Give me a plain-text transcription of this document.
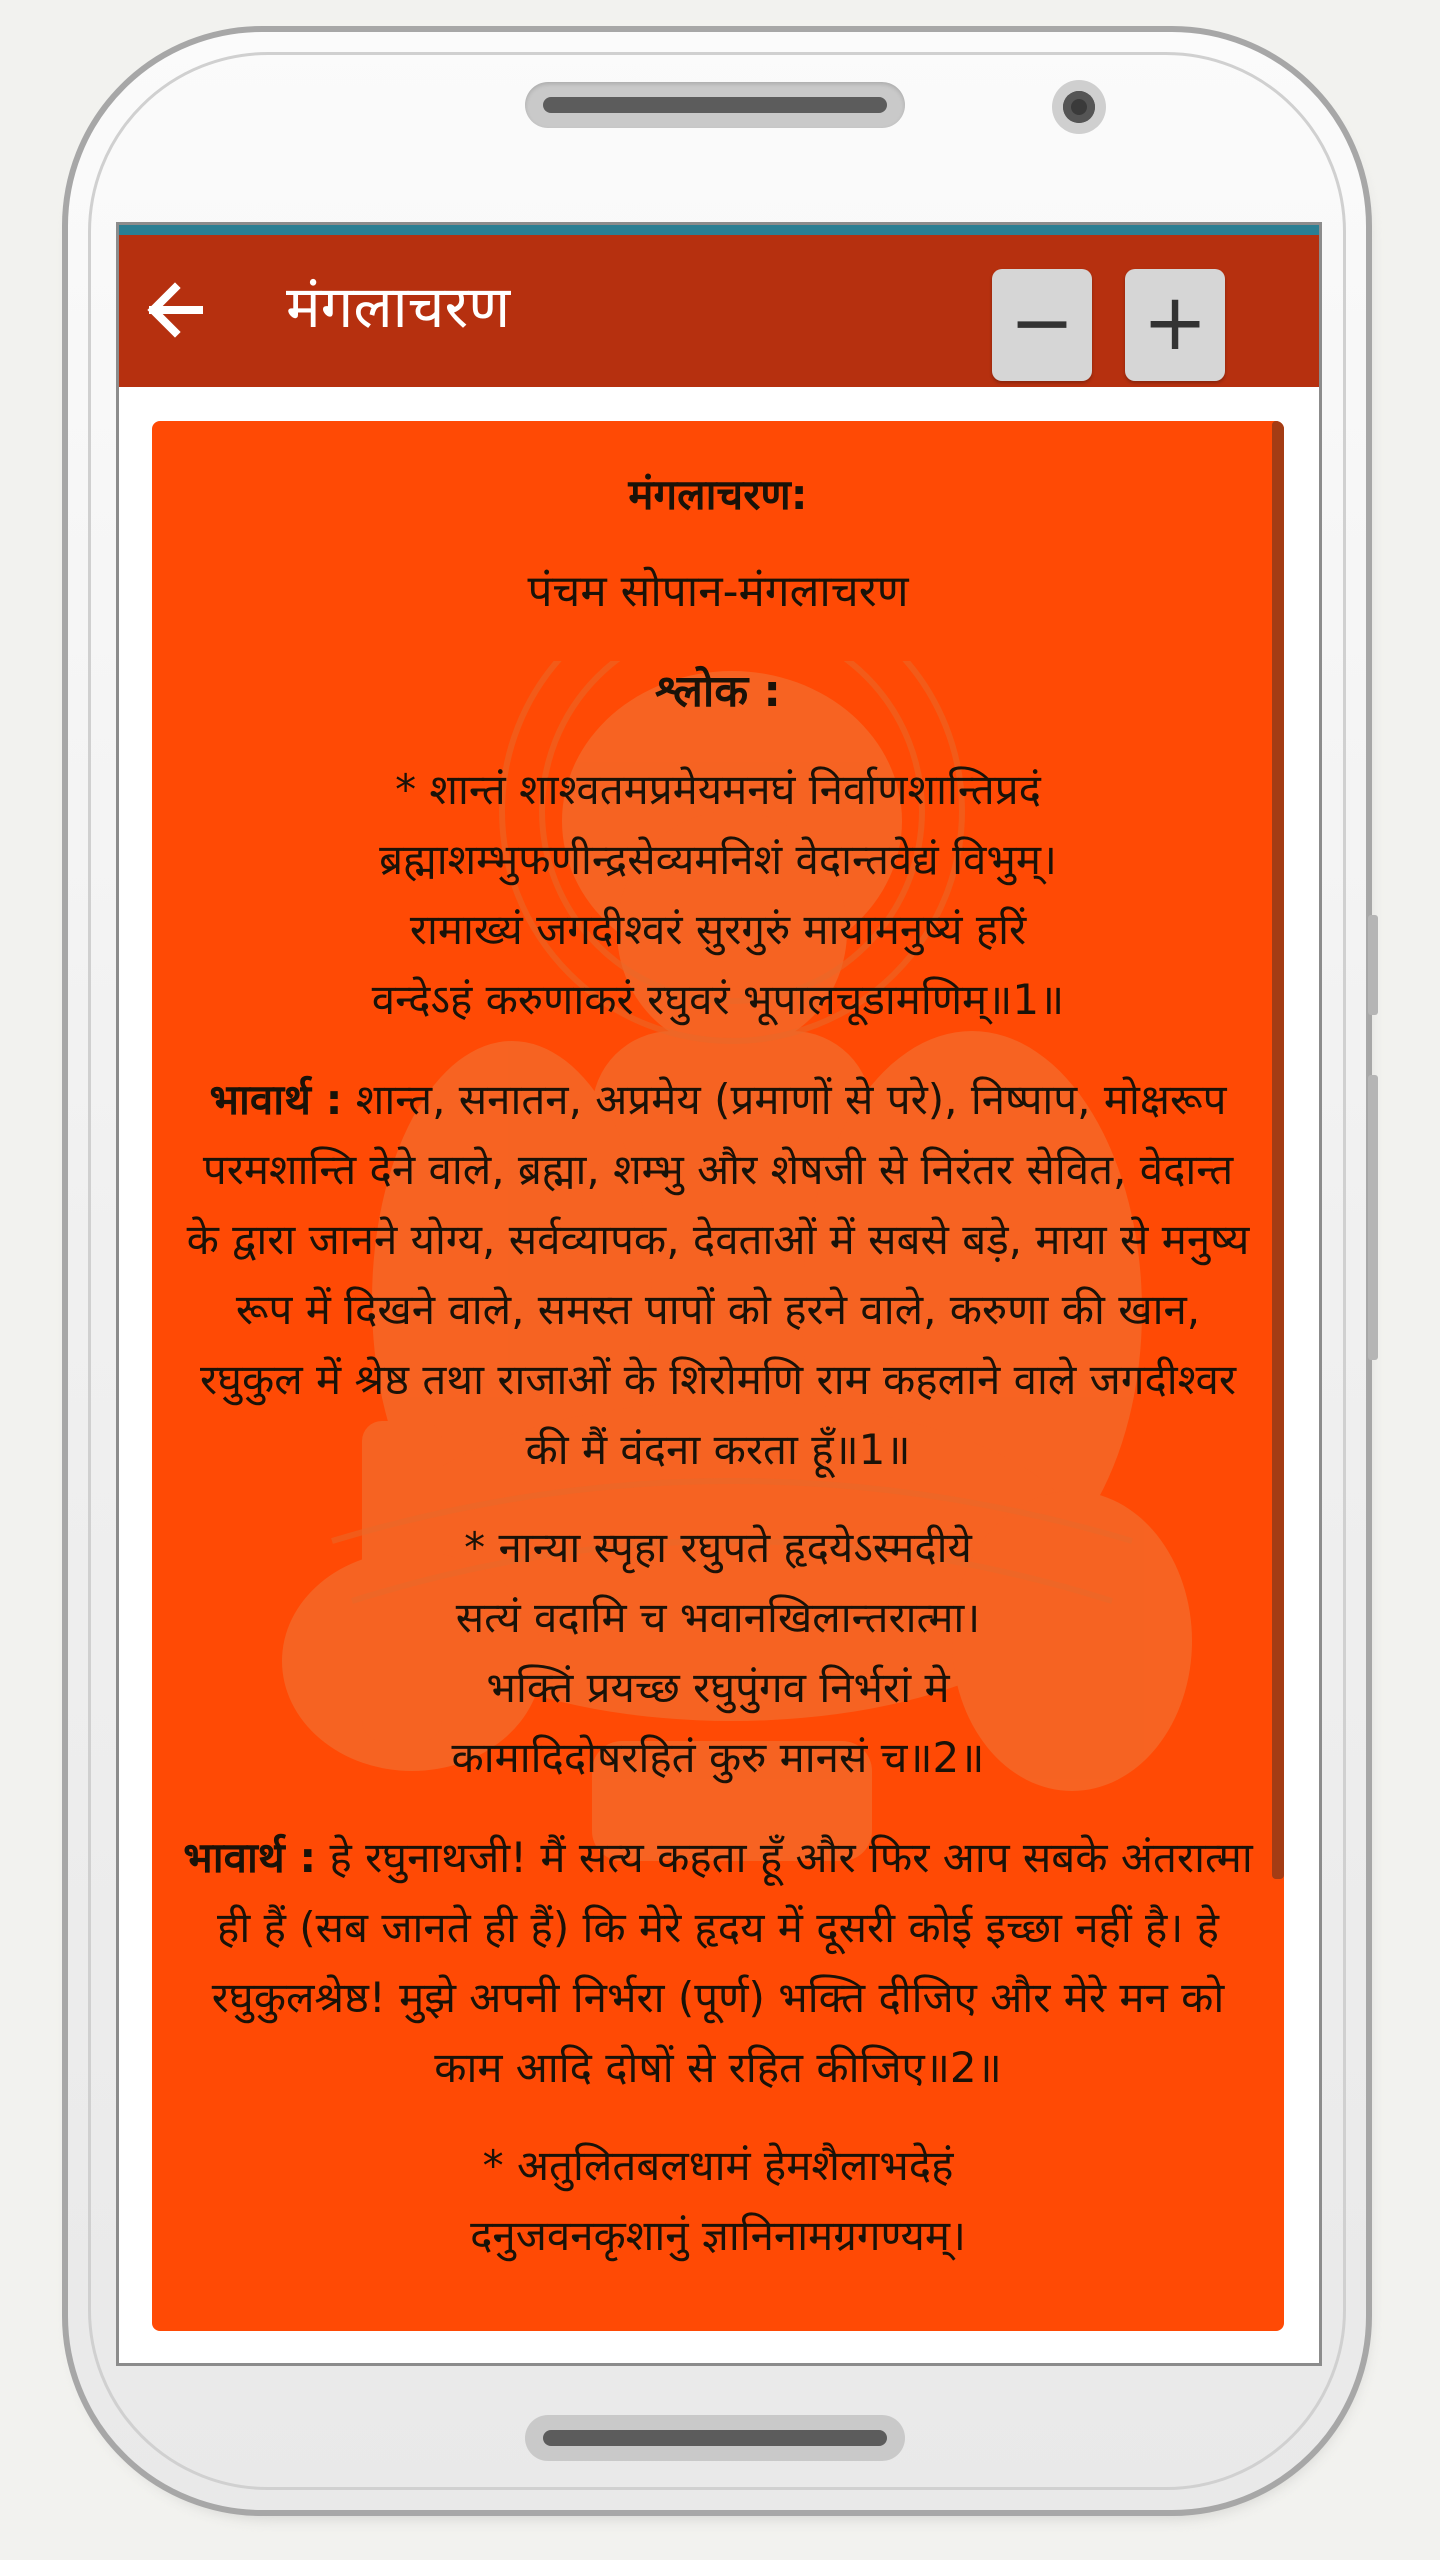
मंगलाचरण	− +
मंगलाचरण:
पंचम सोपान-मंगलाचरण
श्लोक :
* शान्तं शाश्वतमप्रमेयमनघं निर्वाणशान्तिप्रदं
ब्रह्माशम्भुफणीन्द्रसेव्यमनिशं वेदान्तवेद्यं विभुम्‌।
रामाख्यं जगदीश्वरं सुरगुरुं मायामनुष्यं हरिं
वन्देऽहं करुणाकरं रघुवरं भूपालचूडामणिम्‌॥1॥
भावार्थ : शान्त, सनातन, अप्रमेय (प्रमाणों से परे), निष्पाप, मोक्षरूप परमशान्ति देने वाले, ब्रह्मा, शम्भु और शेषजी से निरंतर सेवित, वेदान्त के द्वारा जानने योग्य, सर्वव्यापक, देवताओं में सबसे बड़े, माया से मनुष्य रूप में दिखने वाले, समस्त पापों को हरने वाले, करुणा की खान, रघुकुल में श्रेष्ठ तथा राजाओं के शिरोमणि राम कहलाने वाले जगदीश्वर की मैं वंदना करता हूँ॥1॥
* नान्या स्पृहा रघुपते हृदयेऽस्मदीये
सत्यं वदामि च भवानखिलान्तरात्मा।
भक्तिं प्रयच्छ रघुपुंगव निर्भरां मे
कामादिदोषरहितं कुरु मानसं च॥2॥
भावार्थ : हे रघुनाथजी! मैं सत्य कहता हूँ और फिर आप सबके अंतरात्मा ही हैं (सब जानते ही हैं) कि मेरे हृदय में दूसरी कोई इच्छा नहीं है। हे रघुकुलश्रेष्ठ! मुझे अपनी निर्भरा (पूर्ण) भक्ति दीजिए और मेरे मन को काम आदि दोषों से रहित कीजिए॥2॥
* अतुलितबलधामं हेमशैलाभदेहं
दनुजवनकृशानुं ज्ञानिनामग्रगण्यम्‌।
